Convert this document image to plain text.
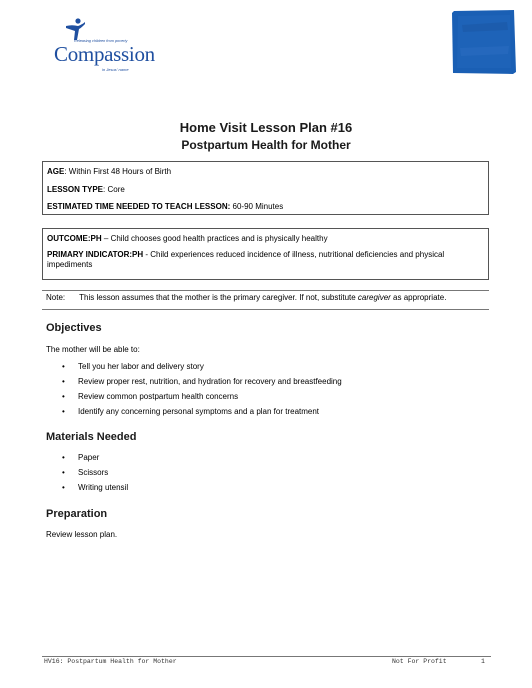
Releasing children from poverty
Compassion
in Jesus' name
Home Visit Lesson Plan #16
Postpartum Health for Mother

AGE: Within First 48 Hours of Birth

LESSON TYPE: Core

ESTIMATED TIME NEEDED TO TEACH LESSON: 60-90 Minutes

OUTCOME:PH – Child chooses good health practices and is physically healthy

PRIMARY INDICATOR:PH - Child experiences reduced incidence of illness, nutritional deficiencies and physical impediments

Note: This lesson assumes that the mother is the primary caregiver. If not, substitute caregiver as appropriate.
Objectives
The mother will be able to:
• Tell you her labor and delivery story
• Review proper rest, nutrition, and hydration for recovery and breastfeeding
• Review common postpartum health concerns
• Identify any concerning personal symptoms and a plan for treatment
Materials Needed
• Paper
• Scissors
• Writing utensil
Preparation
Review lesson plan.
HV16: Postpartum Health for Mother	Not For Profit	1
